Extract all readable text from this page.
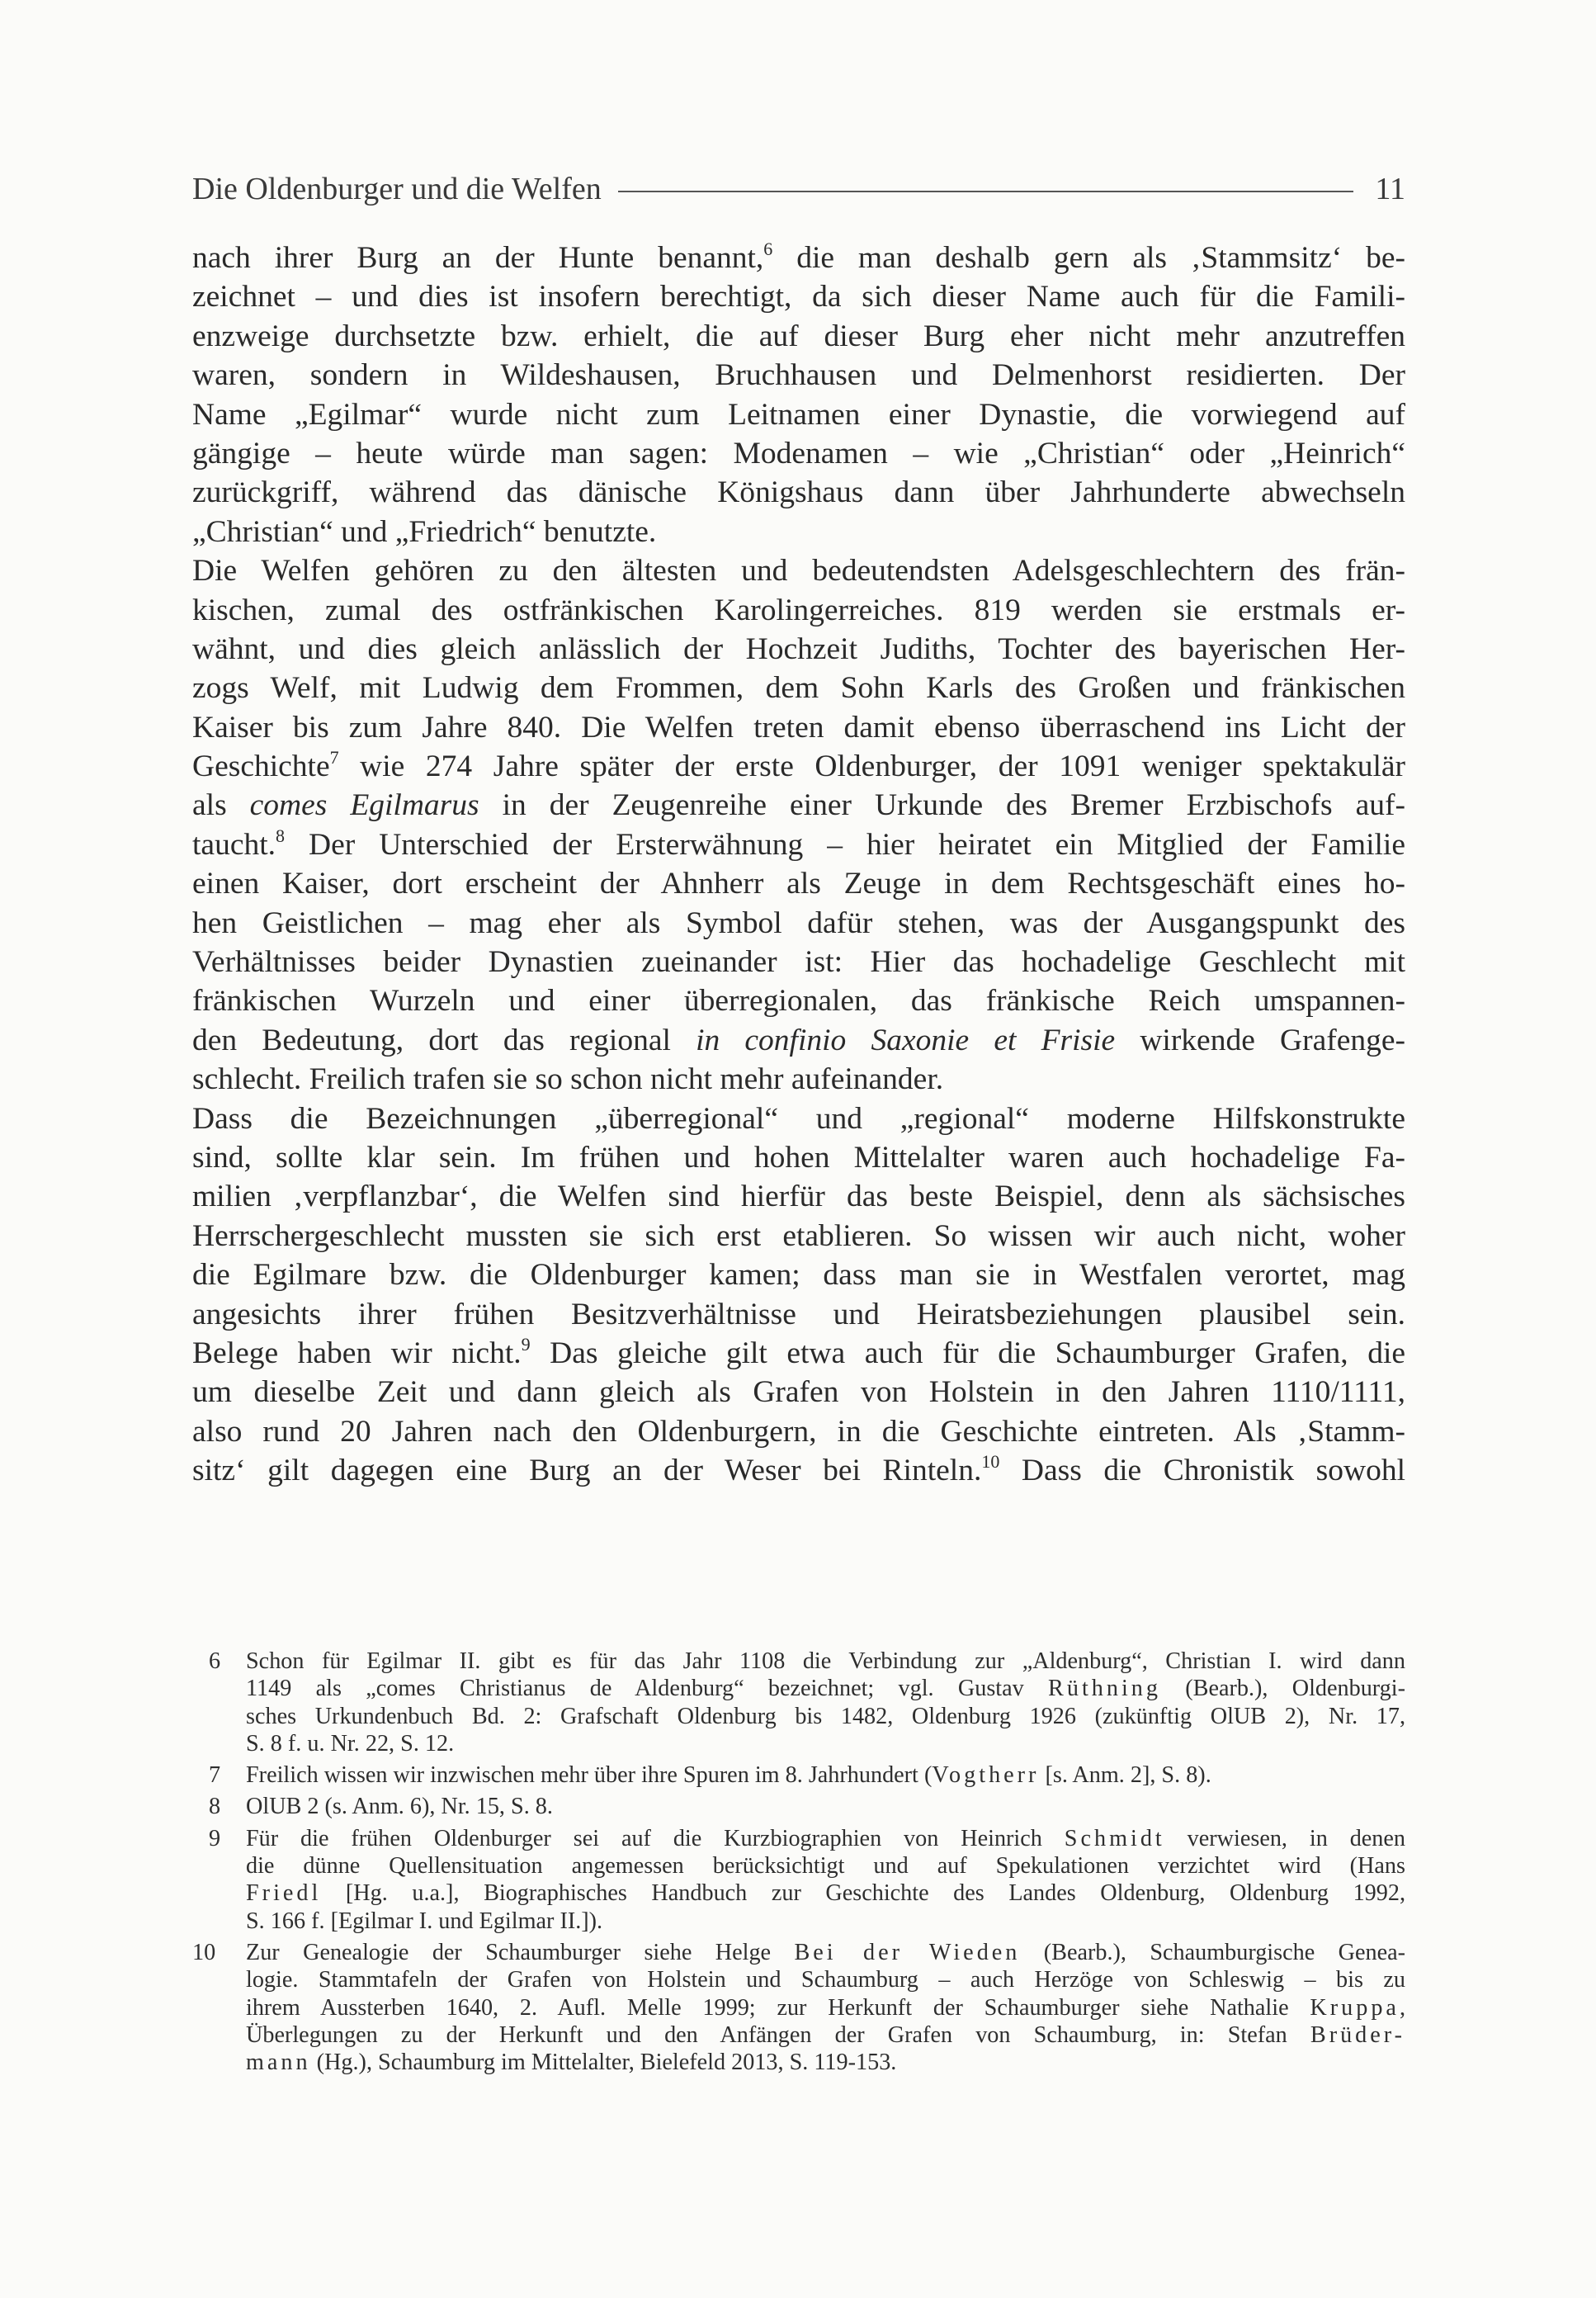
Die Oldenburger und die Welfen	11
nach ihrer Burg an der Hunte benannt,$^6$ die man deshalb gern als ‚Stammsitz‘ be-
zeichnet – und dies ist insofern berechtigt, da sich dieser Name auch für die Famili-
enzweige durchsetzte bzw. erhielt, die auf dieser Burg eher nicht mehr anzutreffen
waren, sondern in Wildeshausen, Bruchhausen und Delmenhorst residierten. Der
Name „Egilmar“ wurde nicht zum Leitnamen einer Dynastie, die vorwiegend auf
gängige – heute würde man sagen: Modenamen – wie „Christian“ oder „Heinrich“
zurückgriff, während das dänische Königshaus dann über Jahrhunderte abwechseln
„Christian“ und „Friedrich“ benutzte.
Die Welfen gehören zu den ältesten und bedeutendsten Adelsgeschlechtern des frän-
kischen, zumal des ostfränkischen Karolingerreiches. 819 werden sie erstmals er-
wähnt, und dies gleich anlässlich der Hochzeit Judiths, Tochter des bayerischen Her-
zogs Welf, mit Ludwig dem Frommen, dem Sohn Karls des Großen und fränkischen
Kaiser bis zum Jahre 840. Die Welfen treten damit ebenso überraschend ins Licht der
Geschichte$^7$ wie 274 Jahre später der erste Oldenburger, der 1091 weniger spektakulär
als comes Egilmarus in der Zeugenreihe einer Urkunde des Bremer Erzbischofs auf-
taucht.$^8$ Der Unterschied der Ersterwähnung – hier heiratet ein Mitglied der Familie
einen Kaiser, dort erscheint der Ahnherr als Zeuge in dem Rechtsgeschäft eines ho-
hen Geistlichen – mag eher als Symbol dafür stehen, was der Ausgangspunkt des
Verhältnisses beider Dynastien zueinander ist: Hier das hochadelige Geschlecht mit
fränkischen Wurzeln und einer überregionalen, das fränkische Reich umspannen-
den Bedeutung, dort das regional in confinio Saxonie et Frisie wirkende Grafenge-
schlecht. Freilich trafen sie so schon nicht mehr aufeinander.
Dass die Bezeichnungen „überregional“ und „regional“ moderne Hilfskonstrukte
sind, sollte klar sein. Im frühen und hohen Mittelalter waren auch hochadelige Fa-
milien ‚verpflanzbar‘, die Welfen sind hierfür das beste Beispiel, denn als sächsisches
Herrschergeschlecht mussten sie sich erst etablieren. So wissen wir auch nicht, woher
die Egilmare bzw. die Oldenburger kamen; dass man sie in Westfalen verortet, mag
angesichts ihrer frühen Besitzverhältnisse und Heiratsbeziehungen plausibel sein.
Belege haben wir nicht.$^9$ Das gleiche gilt etwa auch für die Schaumburger Grafen, die
um dieselbe Zeit und dann gleich als Grafen von Holstein in den Jahren 1110/1111,
also rund 20 Jahren nach den Oldenburgern, in die Geschichte eintreten. Als ‚Stamm-
sitz‘ gilt dagegen eine Burg an der Weser bei Rinteln.$^{10}$ Dass die Chronistik sowohl
6 Schon für Egilmar II. gibt es für das Jahr 1108 die Verbindung zur „Aldenburg“, Christian I. wird dann
1149 als „comes Christianus de Aldenburg“ bezeichnet; vgl. Gustav Rüthning (Bearb.), Oldenburgi-
sches Urkundenbuch Bd. 2: Grafschaft Oldenburg bis 1482, Oldenburg 1926 (zukünftig OlUB 2), Nr. 17,
S. 8 f. u. Nr. 22, S. 12.
7 Freilich wissen wir inzwischen mehr über ihre Spuren im 8. Jahrhundert (Vogtherr [s. Anm. 2], S. 8).
8 OlUB 2 (s. Anm. 6), Nr. 15, S. 8.
9 Für die frühen Oldenburger sei auf die Kurzbiographien von Heinrich Schmidt verwiesen, in denen
die dünne Quellensituation angemessen berücksichtigt und auf Spekulationen verzichtet wird (Hans
Friedl [Hg. u.a.], Biographisches Handbuch zur Geschichte des Landes Oldenburg, Oldenburg 1992,
S. 166 f. [Egilmar I. und Egilmar II.]).
10 Zur Genealogie der Schaumburger siehe Helge Bei der Wieden (Bearb.), Schaumburgische Genea-
logie. Stammtafeln der Grafen von Holstein und Schaumburg – auch Herzöge von Schleswig – bis zu
ihrem Aussterben 1640, 2. Aufl. Melle 1999; zur Herkunft der Schaumburger siehe Nathalie Kruppa,
Überlegungen zu der Herkunft und den Anfängen der Grafen von Schaumburg, in: Stefan Brüder-
mann (Hg.), Schaumburg im Mittelalter, Bielefeld 2013, S. 119-153.
